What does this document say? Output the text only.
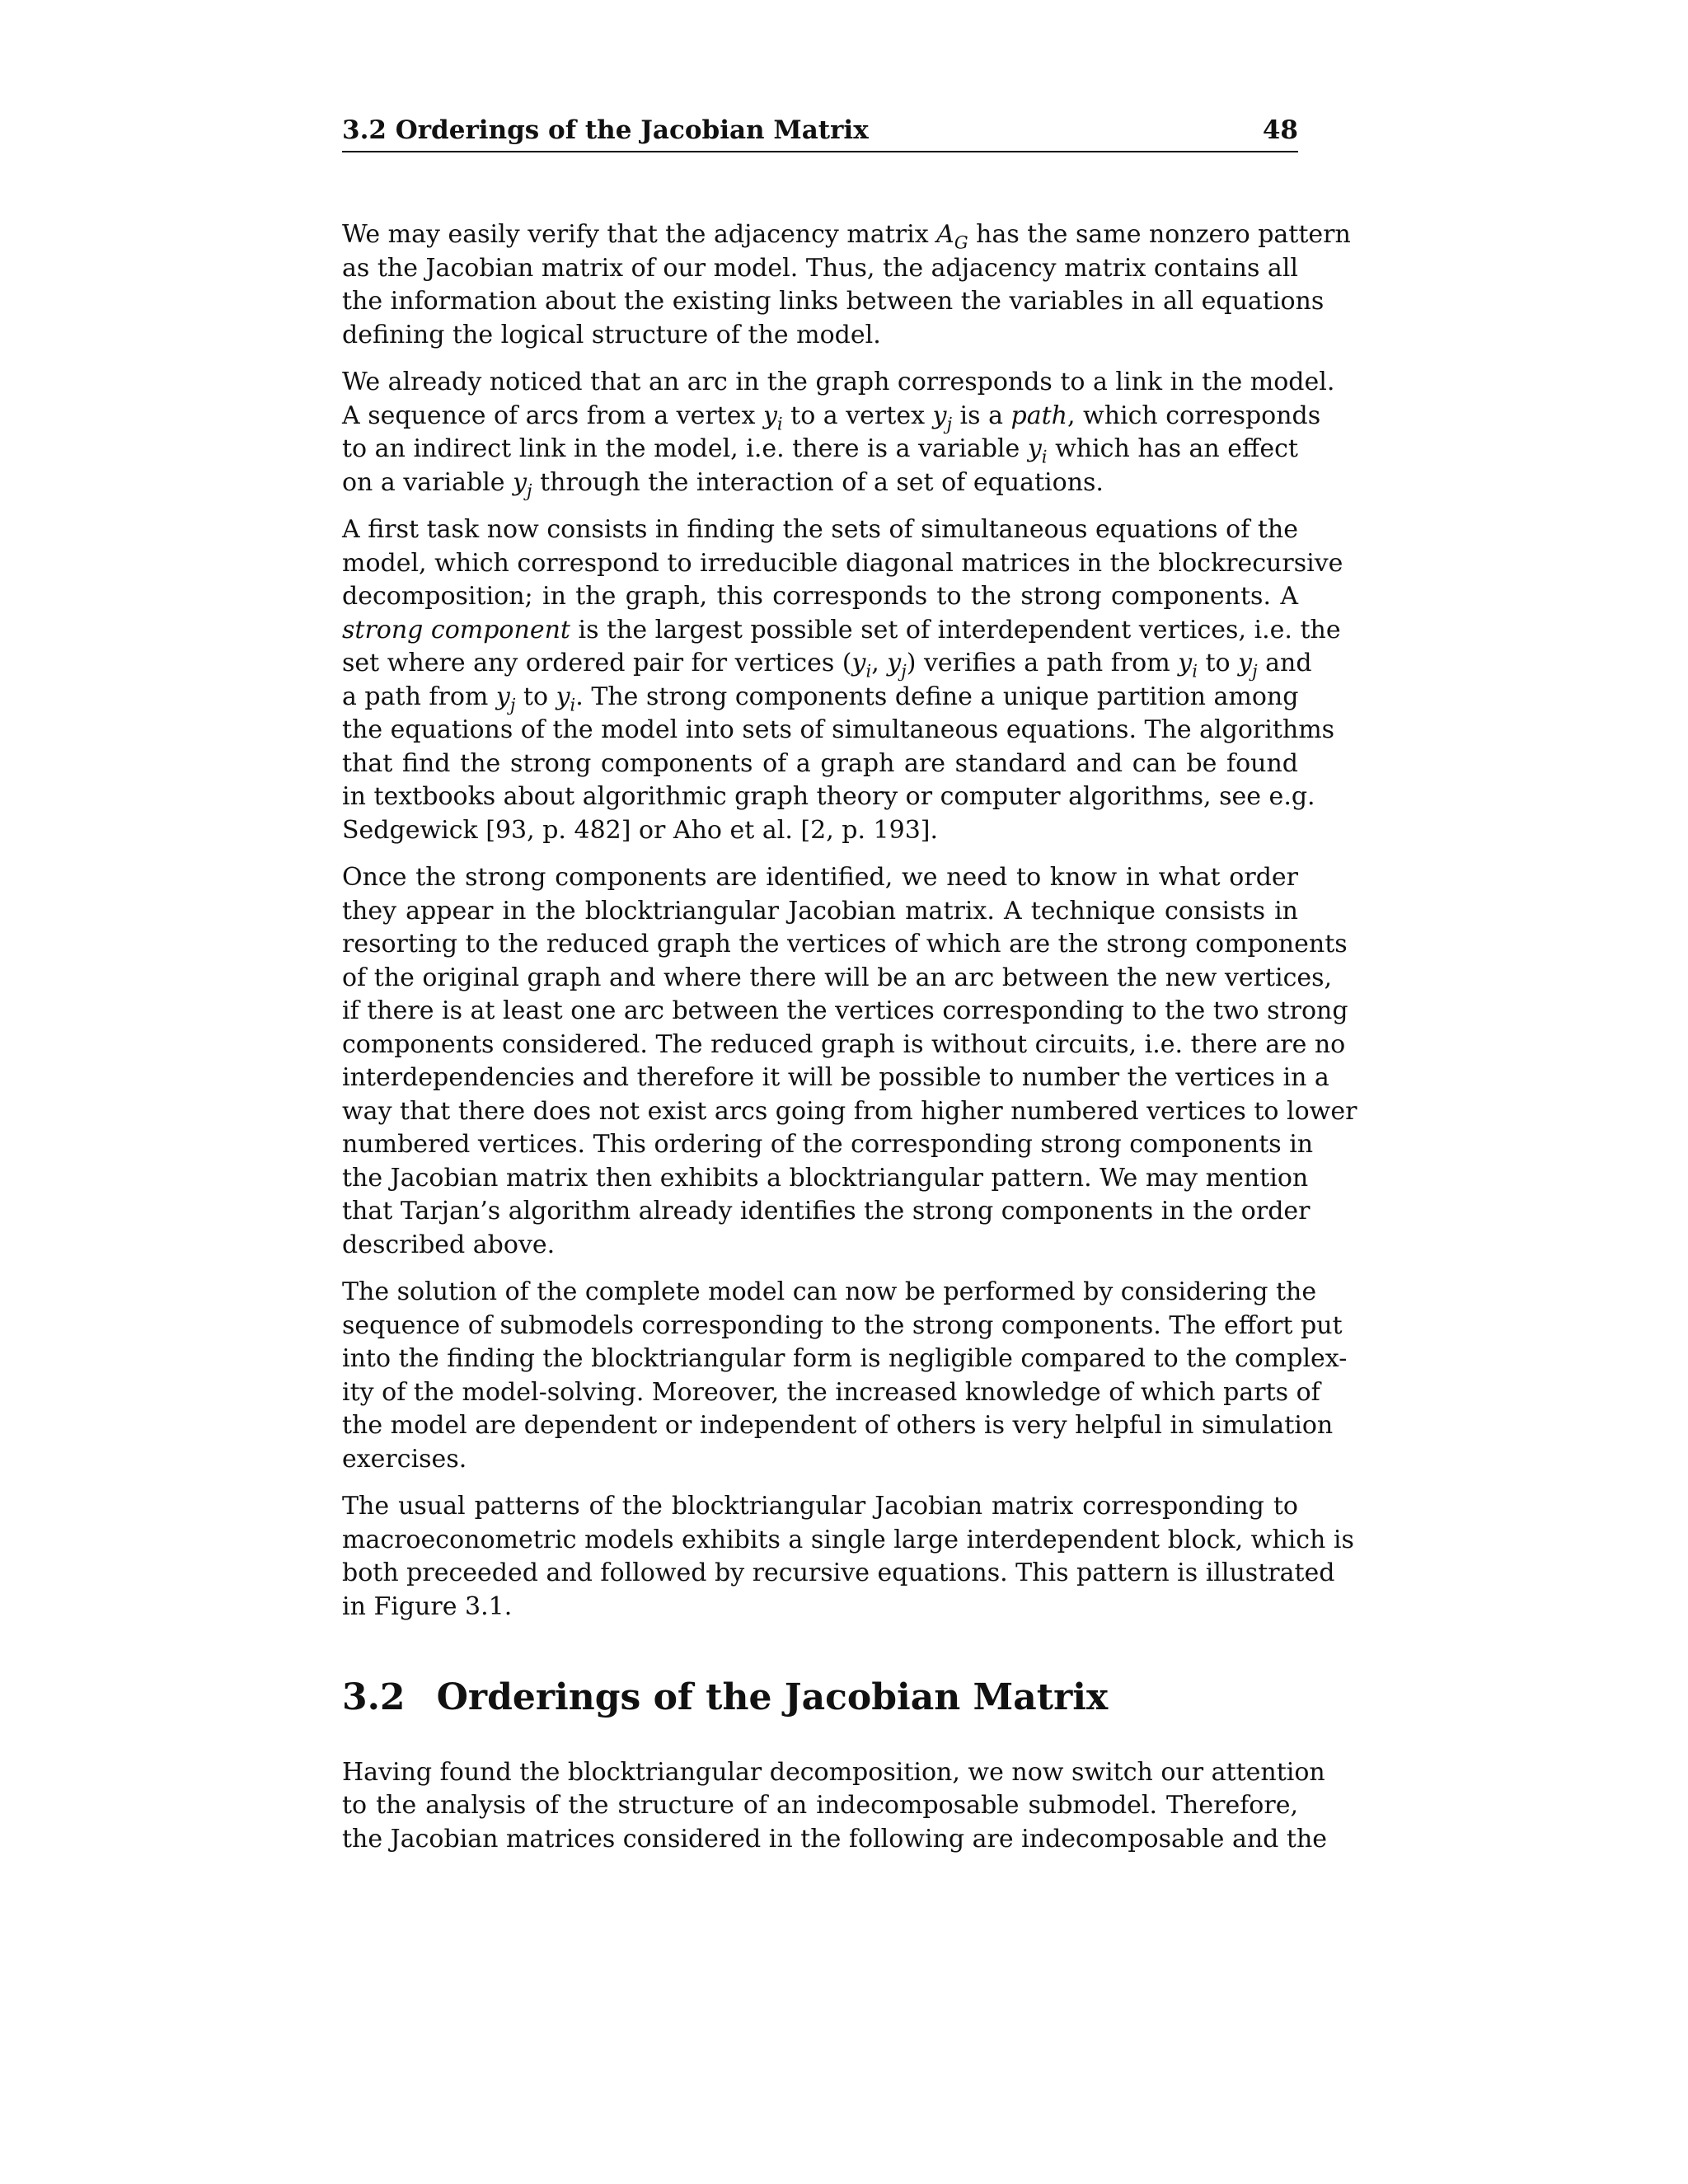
3.2 Orderings of the Jacobian Matrix	48
We may easily verify that the adjacency matrix $A_G$ has the same nonzero pattern
as the Jacobian matrix of our model. Thus, the adjacency matrix contains all
the information about the existing links between the variables in all equations
defining the logical structure of the model.
We already noticed that an arc in the graph corresponds to a link in the model.
A sequence of arcs from a vertex $y_i$ to a vertex $y_j$ is a path, which corresponds
to an indirect link in the model, i.e. there is a variable $y_i$ which has an effect
on a variable $y_j$ through the interaction of a set of equations.
A first task now consists in finding the sets of simultaneous equations of the
model, which correspond to irreducible diagonal matrices in the blockrecursive
decomposition; in the graph, this corresponds to the strong components. A
strong component is the largest possible set of interdependent vertices, i.e. the
set where any ordered pair for vertices ($y_i$, $y_j$) verifies a path from $y_i$ to $y_j$ and
a path from $y_j$ to $y_i$. The strong components define a unique partition among
the equations of the model into sets of simultaneous equations. The algorithms
that find the strong components of a graph are standard and can be found
in textbooks about algorithmic graph theory or computer algorithms, see e.g.
Sedgewick [93, p. 482] or Aho et al. [2, p. 193].
Once the strong components are identified, we need to know in what order
they appear in the blocktriangular Jacobian matrix. A technique consists in
resorting to the reduced graph the vertices of which are the strong components
of the original graph and where there will be an arc between the new vertices,
if there is at least one arc between the vertices corresponding to the two strong
components considered. The reduced graph is without circuits, i.e. there are no
interdependencies and therefore it will be possible to number the vertices in a
way that there does not exist arcs going from higher numbered vertices to lower
numbered vertices. This ordering of the corresponding strong components in
the Jacobian matrix then exhibits a blocktriangular pattern. We may mention
that Tarjan’s algorithm already identifies the strong components in the order
described above.
The solution of the complete model can now be performed by considering the
sequence of submodels corresponding to the strong components. The effort put
into the finding the blocktriangular form is negligible compared to the complex-
ity of the model-solving. Moreover, the increased knowledge of which parts of
the model are dependent or independent of others is very helpful in simulation
exercises.
The usual patterns of the blocktriangular Jacobian matrix corresponding to
macroeconometric models exhibits a single large interdependent block, which is
both preceeded and followed by recursive equations. This pattern is illustrated
in Figure 3.1.
3.2 Orderings of the Jacobian Matrix
Having found the blocktriangular decomposition, we now switch our attention
to the analysis of the structure of an indecomposable submodel. Therefore,
the Jacobian matrices considered in the following are indecomposable and the
